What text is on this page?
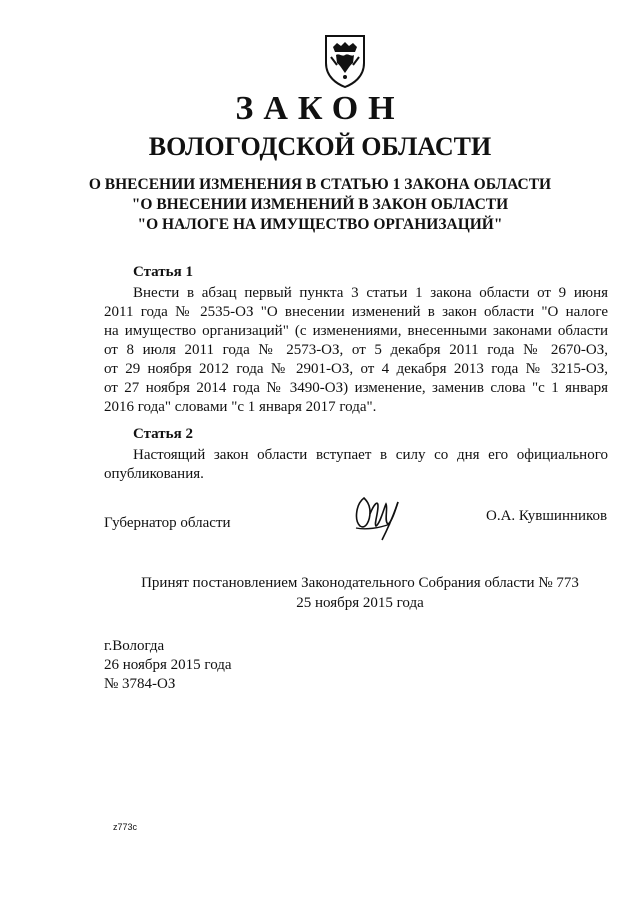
ЗАКОН
ВОЛОГОДСКОЙ ОБЛАСТИ
О ВНЕСЕНИИ ИЗМЕНЕНИЯ В СТАТЬЮ 1 ЗАКОНА ОБЛАСТИ
"О ВНЕСЕНИИ ИЗМЕНЕНИЙ В ЗАКОН ОБЛАСТИ
"О НАЛОГЕ НА ИМУЩЕСТВО ОРГАНИЗАЦИЙ"
Статья 1
Внести в абзац первый пункта 3 статьи 1 закона области от 9 июня
2011 года № 2535-ОЗ "О внесении изменений в закон области "О налоге
на имущество организаций" (с изменениями, внесенными законами области
от 8 июля 2011 года № 2573-ОЗ, от 5 декабря 2011 года № 2670-ОЗ,
от 29 ноября 2012 года № 2901-ОЗ, от 4 декабря 2013 года № 3215-ОЗ,
от 27 ноября 2014 года № 3490-ОЗ) изменение, заменив слова "с 1 января
2016 года" словами "с 1 января 2017 года".
Статья 2
Настоящий закон области вступает в силу со дня его официального
опубликования.
Губернатор области	О.А. Кувшинников
Принят постановлением Законодательного Собрания области № 773
25 ноября 2015 года
г.Вологда
26 ноября 2015 года
№ 3784-ОЗ
z773c
